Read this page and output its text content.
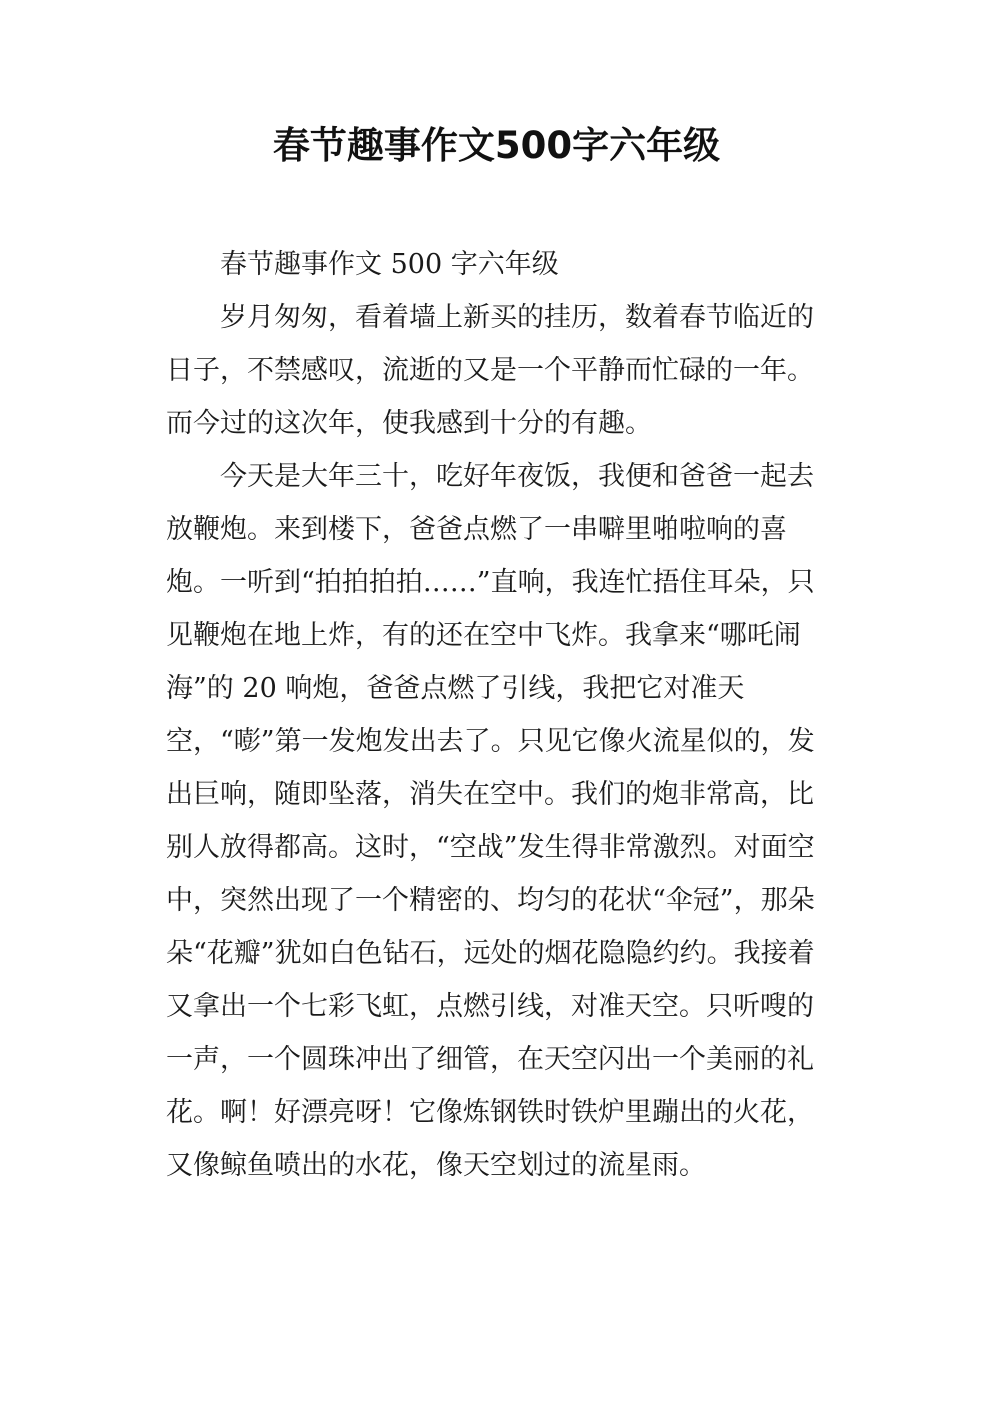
春节趣事作文500字六年级

春节趣事作文 500 字六年级

岁月匆匆，看着墙上新买的挂历，数着春节临近的日子，不禁感叹，流逝的又是一个平静而忙碌的一年。而今过的这次年，使我感到十分的有趣。

今天是大年三十，吃好年夜饭，我便和爸爸一起去放鞭炮。来到楼下，爸爸点燃了一串噼里啪啦响的喜炮。一听到“拍拍拍拍……”直响，我连忙捂住耳朵，只见鞭炮在地上炸，有的还在空中飞炸。我拿来“哪吒闹海”的 20 响炮，爸爸点燃了引线，我把它对准天空，“嘭”第一发炮发出去了。只见它像火流星似的，发出巨响，随即坠落，消失在空中。我们的炮非常高，比别人放得都高。这时，“空战”发生得非常激烈。对面空中，突然出现了一个精密的、均匀的花状“伞冠”，那朵朵“花瓣”犹如白色钻石，远处的烟花隐隐约约。我接着又拿出一个七彩飞虹，点燃引线，对准天空。只听嗖的一声，一个圆珠冲出了细管，在天空闪出一个美丽的礼花。啊！好漂亮呀！它像炼钢铁时铁炉里蹦出的火花，又像鲸鱼喷出的水花，像天空划过的流星雨。
